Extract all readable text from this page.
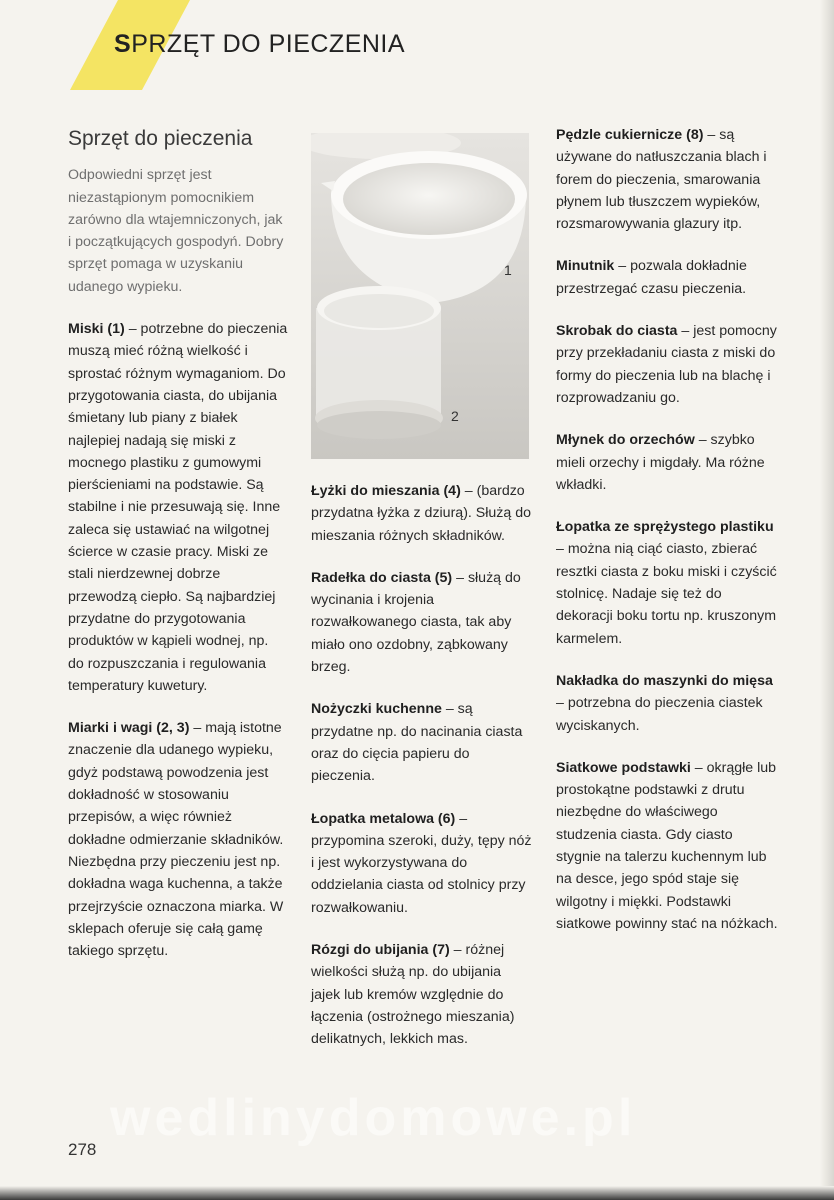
SPRZĘT DO PIECZENIA
Sprzęt do pieczenia

Odpowiedni sprzęt jest niezastąpionym pomocnikiem zarówno dla wtajemniczonych, jak i początkujących gospodyń. Dobry sprzęt pomaga w uzyskaniu udanego wypieku.

Miski (1) – potrzebne do pieczenia muszą mieć różną wielkość i sprostać różnym wymaganiom. Do przygotowania ciasta, do ubijania śmietany lub piany z białek najlepiej nadają się miski z mocnego plastiku z gumowymi pierścieniami na podstawie. Są stabilne i nie przesuwają się. Inne zaleca się ustawiać na wilgotnej ścierce w czasie pracy. Miski ze stali nierdzewnej dobrze przewodzą ciepło. Są najbardziej przydatne do przygotowania produktów w kąpieli wodnej, np. do rozpuszczania i regulowania temperatury kuwetury.

Miarki i wagi (2, 3) – mają istotne znaczenie dla udanego wypieku, gdyż podstawą powodzenia jest dokładność w stosowaniu przepisów, a więc również dokładne odmierzanie składników. Niezbędna przy pieczeniu jest np. dokładna waga kuchenna, a także przejrzyście oznaczona miarka. W sklepach oferuje się całą gamę takiego sprzętu.

1
2

Łyżki do mieszania (4) – (bardzo przydatna łyżka z dziurą). Służą do mieszania różnych składników.

Radełka do ciasta (5) – służą do wycinania i krojenia rozwałkowanego ciasta, tak aby miało ono ozdobny, ząbkowany brzeg.

Nożyczki kuchenne – są przydatne np. do nacinania ciasta oraz do cięcia papieru do pieczenia.

Łopatka metalowa (6) – przypomina szeroki, duży, tępy nóż i jest wykorzystywana do oddzielania ciasta od stolnicy przy rozwałkowaniu.

Rózgi do ubijania (7) – różnej wielkości służą np. do ubijania jajek lub kremów względnie do łączenia (ostrożnego mieszania) delikatnych, lekkich mas.

Pędzle cukiernicze (8) – są używane do natłuszczania blach i forem do pieczenia, smarowania płynem lub tłuszczem wypieków, rozsmarowywania glazury itp.

Minutnik – pozwala dokładnie przestrzegać czasu pieczenia.

Skrobak do ciasta – jest pomocny przy przekładaniu ciasta z miski do formy do pieczenia lub na blachę i rozprowadzaniu go.

Młynek do orzechów – szybko mieli orzechy i migdały. Ma różne wkładki.

Łopatka ze sprężystego plastiku – można nią ciąć ciasto, zbierać resztki ciasta z boku miski i czyścić stolnicę. Nadaje się też do dekoracji boku tortu np. kruszonym karmelem.

Nakładka do maszynki do mięsa – potrzebna do pieczenia ciastek wyciskanych.

Siatkowe podstawki – okrągłe lub prostokątne podstawki z drutu niezbędne do właściwego studzenia ciasta. Gdy ciasto stygnie na talerzu kuchennym lub na desce, jego spód staje się wilgotny i miękki. Podstawki siatkowe powinny stać na nóżkach.

wedlinydomowe.pl
278
